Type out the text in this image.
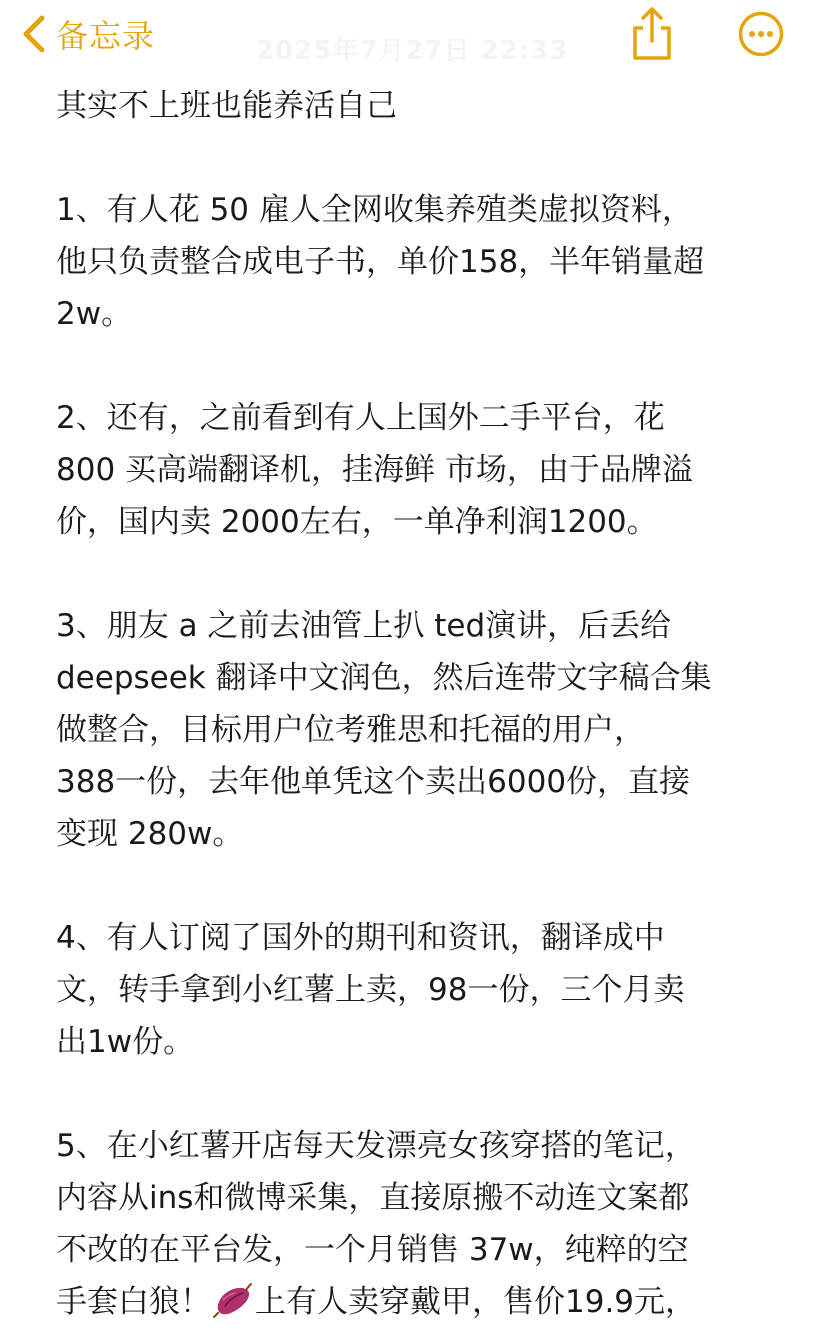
备忘录	2025年7月27日 22:33
其实不上班也能养活自己
1、有人花 50 雇人全网收集养殖类虚拟资料，
他只负责整合成电子书，单价158，半年销量超
2w。
2、还有，之前看到有人上国外二手平台，花
800 买高端翻译机，挂海鲜 市场，由于品牌溢
价，国内卖 2000左右，一单净利润1200。
3、朋友 a 之前去油管上扒 ted演讲，后丢给
deepseek 翻译中文润色，然后连带文字稿合集
做整合，目标用户位考雅思和托福的用户，
388一份，去年他单凭这个卖出6000份，直接
变现 280w。
4、有人订阅了国外的期刊和资讯，翻译成中
文，转手拿到小红薯上卖，98一份，三个月卖
出1w份。
5、在小红薯开店每天发漂亮女孩穿搭的笔记，
内容从ins和微博采集，直接原搬不动连文案都
不改的在平台发，一个月销售 37w，纯粹的空
手套白狼！ 上有人卖穿戴甲，售价19.9元，
